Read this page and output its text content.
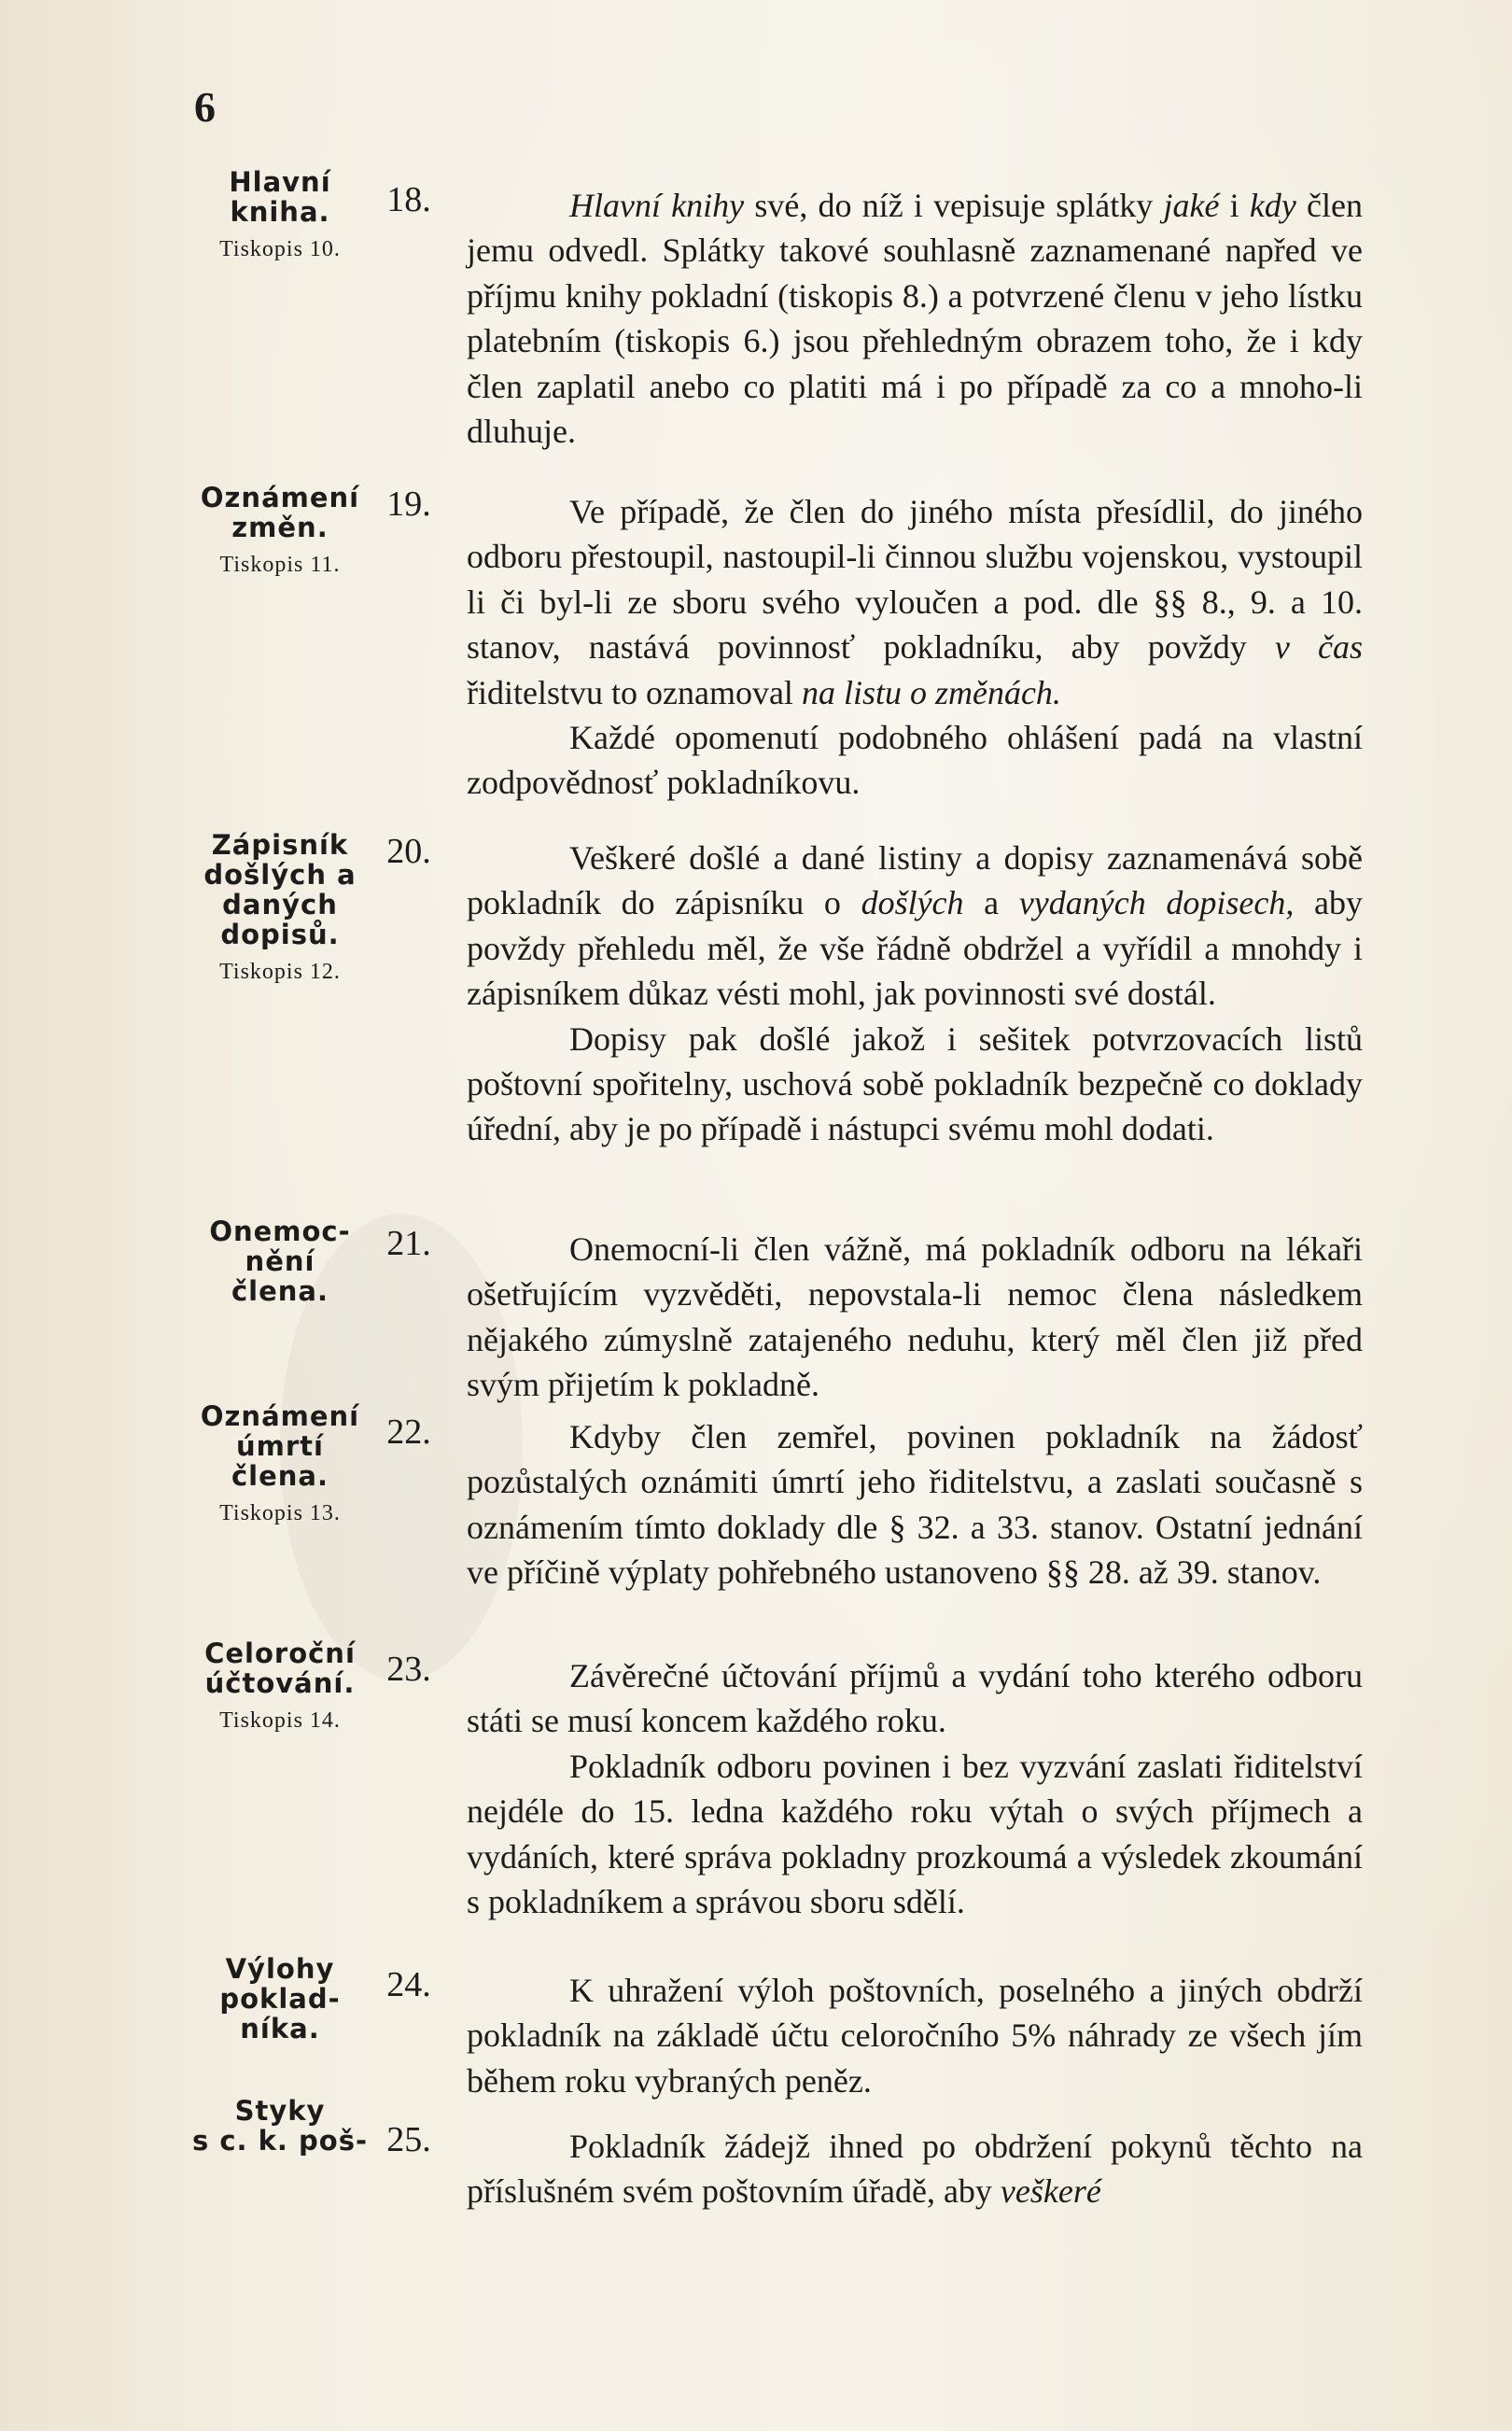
6
Hlavní
kniha.
Tiskopis 10.
18.	Hlavní knihy své, do níž i vepisuje splátky jaké i kdy člen jemu odvedl. Splátky takové souhlasně zaznamenané napřed ve příjmu knihy pokladní (tiskopis 8.) a potvrzené členu v jeho lístku platebním (tiskopis 6.) jsou přehledným obrazem toho, že i kdy člen zaplatil anebo co platiti má i po případě za co a mnoho-li dluhuje.

Oznámení
změn.
Tiskopis 11.
19.	Ve případě, že člen do jiného místa přesídlil, do jiného odboru přestoupil, nastoupil-li činnou službu vojenskou, vystoupil li či byl-li ze sboru svého vyloučen a pod. dle §§ 8., 9. a 10. stanov, nastává povinnosť pokladníku, aby povždy v čas řiditelstvu to oznamoval na listu o změnách.

Každé opomenutí podobného ohlášení padá na vlastní zodpovědnosť pokladníkovu.

Zápisník
došlých a
daných
dopisů.
Tiskopis 12.
20.	Veškeré došlé a dané listiny a dopisy zaznamenává sobě pokladník do zápisníku o došlých a vydaných dopisech, aby povždy přehledu měl, že vše řádně obdržel a vyřídil a mnohdy i zápisníkem důkaz vésti mohl, jak povinnosti své dostál.

Dopisy pak došlé jakož i sešitek potvrzovacích listů poštovní spořitelny, uschová sobě pokladník bezpečně co doklady úřední, aby je po případě i nástupci svému mohl dodati.

Onemoc-
nění
člena.
21.	Onemocní-li člen vážně, má pokladník odboru na lékaři ošetřujícím vyzvěděti, nepovstala-li nemoc člena následkem nějakého zúmyslně zatajeného neduhu, který měl člen již před svým přijetím k pokladně.

Oznámení
úmrtí
člena.
Tiskopis 13.
22.	Kdyby člen zemřel, povinen pokladník na žádosť pozůstalých oznámiti úmrtí jeho řiditelstvu, a zaslati současně s oznámením tímto doklady dle § 32. a 33. stanov. Ostatní jednání ve příčině výplaty pohřebného ustanoveno §§ 28. až 39. stanov.

Celoroční
účtování.
Tiskopis 14.
23.	Závěrečné účtování příjmů a vydání toho kterého odboru státi se musí koncem každého roku.

Pokladník odboru povinen i bez vyzvání zaslati řiditelství nejdéle do 15. ledna každého roku výtah o svých příjmech a vydáních, které správa pokladny prozkoumá a výsledek zkoumání s pokladníkem a správou sboru sdělí.

Výlohy
poklad-
níka.
24.	K uhražení výloh poštovních, poselného a jiných obdrží pokladník na základě účtu celoročního 5% náhrady ze všech jím během roku vybraných peněz.

Styky
s c. k. poš- 25.	Pokladník žádejž ihned po obdržení pokynů těchto na příslušném svém poštovním úřadě, aby veškeré
